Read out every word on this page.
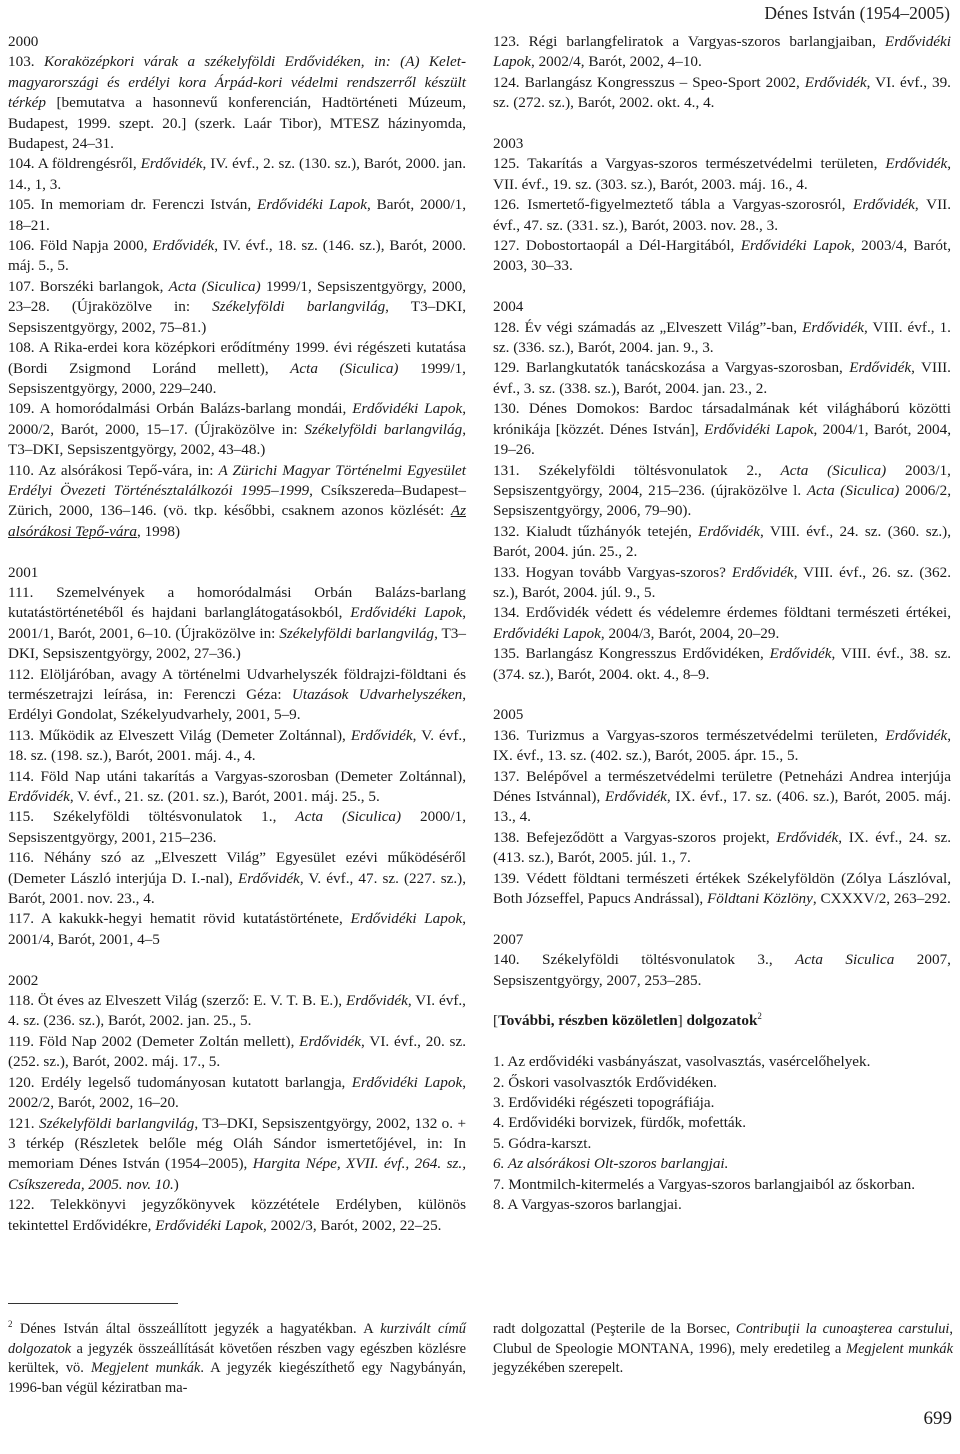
Dénes István (1954–2005)
2000
103. Koraközépkori várak a székelyföldi Erdővidéken, in: (A) Kelet-magyarországi és erdélyi kora Árpád-kori védelmi rendszerről készült térkép [bemutatva a hasonnevű konferencián, Hadtörténeti Múzeum, Budapest, 1999. szept. 20.] (szerk. Laár Tibor), MTESZ házinyomda, Budapest, 24–31.
104. A földrengésről, Erdővidék, IV. évf., 2. sz. (130. sz.), Barót, 2000. jan. 14., 1, 3.
105. In memoriam dr. Ferenczi István, Erdővidéki Lapok, Barót, 2000/1, 18–21.
106. Föld Napja 2000, Erdővidék, IV. évf., 18. sz. (146. sz.), Barót, 2000. máj. 5., 5.
107. Borszéki barlangok, Acta (Siculica) 1999/1, Sepsiszentgyörgy, 2000, 23–28. (Újraközölve in: Székelyföldi barlangvilág, T3–DKI, Sepsiszentgyörgy, 2002, 75–81.)
108. A Rika-erdei kora középkori erődítmény 1999. évi régészeti kutatása (Bordi Zsigmond Loránd mellett), Acta (Siculica) 1999/1, Sepsiszentgyörgy, 2000, 229–240.
109. A homoródalmási Orbán Balázs-barlang mondái, Erdővidéki Lapok, 2000/2, Barót, 2000, 15–17. (Újraközölve in: Székelyföldi barlangvilág, T3–DKI, Sepsiszentgyörgy, 2002, 43–48.)
110. Az alsórákosi Tepő-vára, in: A Zürichi Magyar Történelmi Egyesület Erdélyi Övezeti Történésztalálkozói 1995–1999, Csíkszereda–Budapest–Zürich, 2000, 136–146. (vö. tkp. későbbi, csaknem azonos közlését: Az alsórákosi Tepő-vára, 1998)
2001
111. Szemelvények a homoródalmási Orbán Balázs-barlang kutatástörténetéből és hajdani barlanglátogatásokból, Erdővidéki Lapok, 2001/1, Barót, 2001, 6–10. (Újraközölve in: Székelyföldi barlangvilág, T3–DKI, Sepsiszentgyörgy, 2002, 27–36.)
112. Elöljáróban, avagy A történelmi Udvarhelyszék földrajzi-földtani és természetrajzi leírása, in: Ferenczi Géza: Utazások Udvarhelyszéken, Erdélyi Gondolat, Székelyudvarhely, 2001, 5–9.
113. Működik az Elveszett Világ (Demeter Zoltánnal), Erdővidék, V. évf., 18. sz. (198. sz.), Barót, 2001. máj. 4., 4.
114. Föld Nap utáni takarítás a Vargyas-szorosban (Demeter Zoltánnal), Erdővidék, V. évf., 21. sz. (201. sz.), Barót, 2001. máj. 25., 5.
115. Székelyföldi töltésvonulatok 1., Acta (Siculica) 2000/1, Sepsiszentgyörgy, 2001, 215–236.
116. Néhány szó az „Elveszett Világ” Egyesület ezévi működéséről (Demeter László interjúja D. I.-nal), Erdővidék, V. évf., 47. sz. (227. sz.), Barót, 2001. nov. 23., 4.
117. A kakukk-hegyi hematit rövid kutatástörténete, Erdővidéki Lapok, 2001/4, Barót, 2001, 4–5
2002
118. Öt éves az Elveszett Világ (szerző: E. V. T. B. E.), Erdővidék, VI. évf., 4. sz. (236. sz.), Barót, 2002. jan. 25., 5.
119. Föld Nap 2002 (Demeter Zoltán mellett), Erdővidék, VI. évf., 20. sz. (252. sz.), Barót, 2002. máj. 17., 5.
120. Erdély legelső tudományosan kutatott barlangja, Erdővidéki Lapok, 2002/2, Barót, 2002, 16–20.
121. Székelyföldi barlangvilág, T3–DKI, Sepsiszentgyörgy, 2002, 132 o. + 3 térkép (Részletek belőle még Oláh Sándor ismertetőjével, in: In memoriam Dénes István (1954–2005), Hargita Népe, XVII. évf., 264. sz., Csíkszereda, 2005. nov. 10.)
122. Telekkönyvi jegyzőkönyvek közzététele Erdélyben, különös tekintettel Erdővidékre, Erdővidéki Lapok, 2002/3, Barót, 2002, 22–25.
123. Régi barlangfeliratok a Vargyas-szoros barlangjaiban, Erdővidéki Lapok, 2002/4, Barót, 2002, 4–10.
124. Barlangász Kongresszus – Speo-Sport 2002, Erdővidék, VI. évf., 39. sz. (272. sz.), Barót, 2002. okt. 4., 4.
2003
125. Takarítás a Vargyas-szoros természetvédelmi területen, Erdővidék, VII. évf., 19. sz. (303. sz.), Barót, 2003. máj. 16., 4.
126. Ismertető-figyelmeztető tábla a Vargyas-szorosról, Erdővidék, VII. évf., 47. sz. (331. sz.), Barót, 2003. nov. 28., 3.
127. Dobostortaopál a Dél-Hargitából, Erdővidéki Lapok, 2003/4, Barót, 2003, 30–33.
2004
128. Év végi számadás az „Elveszett Világ”-ban, Erdővidék, VIII. évf., 1. sz. (336. sz.), Barót, 2004. jan. 9., 3.
129. Barlangkutatók tanácskozása a Vargyas-szorosban, Erdővidék, VIII. évf., 3. sz. (338. sz.), Barót, 2004. jan. 23., 2.
130. Dénes Domokos: Bardoc társadalmának két világháború közötti krónikája [közzét. Dénes István], Erdővidéki Lapok, 2004/1, Barót, 2004, 19–26.
131. Székelyföldi töltésvonulatok 2., Acta (Siculica) 2003/1, Sepsiszentgyörgy, 2004, 215–236. (újraközölve l. Acta (Siculica) 2006/2, Sepsiszentgyörgy, 2006, 79–90).
132. Kialudt tűzhányók tetején, Erdővidék, VIII. évf., 24. sz. (360. sz.), Barót, 2004. jún. 25., 2.
133. Hogyan tovább Vargyas-szoros? Erdővidék, VIII. évf., 26. sz. (362. sz.), Barót, 2004. júl. 9., 5.
134. Erdővidék védett és védelemre érdemes földtani természeti értékei, Erdővidéki Lapok, 2004/3, Barót, 2004, 20–29.
135. Barlangász Kongresszus Erdővidéken, Erdővidék, VIII. évf., 38. sz. (374. sz.), Barót, 2004. okt. 4., 8–9.
2005
136. Turizmus a Vargyas-szoros természetvédelmi területen, Erdővidék, IX. évf., 13. sz. (402. sz.), Barót, 2005. ápr. 15., 5.
137. Belépővel a természetvédelmi területre (Petneházi Andrea interjúja Dénes Istvánnal), Erdővidék, IX. évf., 17. sz. (406. sz.), Barót, 2005. máj. 13., 4.
138. Befejeződött a Vargyas-szoros projekt, Erdővidék, IX. évf., 24. sz. (413. sz.), Barót, 2005. júl. 1., 7.
139. Védett földtani természeti értékek Székelyföldön (Zólya Lászlóval, Both Józseffel, Papucs Andrással), Földtani Közlöny, CXXXV/2, 263–292.
2007
140. Székelyföldi töltésvonulatok 3., Acta Siculica 2007, Sepsiszentgyörgy, 2007, 253–285.
[További, részben közöletlen] dolgozatok$^2$
1. Az erdővidéki vasbányászat, vasolvasztás, vasércelőhelyek.
2. Őskori vasolvasztók Erdővidéken.
3. Erdővidéki régészeti topográfiája.
4. Erdővidéki borvizek, fürdők, mofetták.
5. Gódra-karszt.
6. Az alsórákosi Olt-szoros barlangjai.
7. Montmilch-kitermelés a Vargyas-szoros barlangjaiból az őskorban.
8. A Vargyas-szoros barlangjai.
$^2$ Dénes István által összeállított jegyzék a hagyatékban. A kurzivált című dolgozatok a jegyzék összeállítását követően részben vagy egészben közlésre kerültek, vö. Megjelent munkák. A jegyzék kiegészíthető egy Nagybányán, 1996-ban végül kéziratban ma-
radt dolgozattal (Peşterile de la Borsec, Contribuţii la cunoaşterea carstului, Clubul de Speologie MONTANA, 1996), mely eredetileg a Megjelent munkák jegyzékében szerepelt.
699
